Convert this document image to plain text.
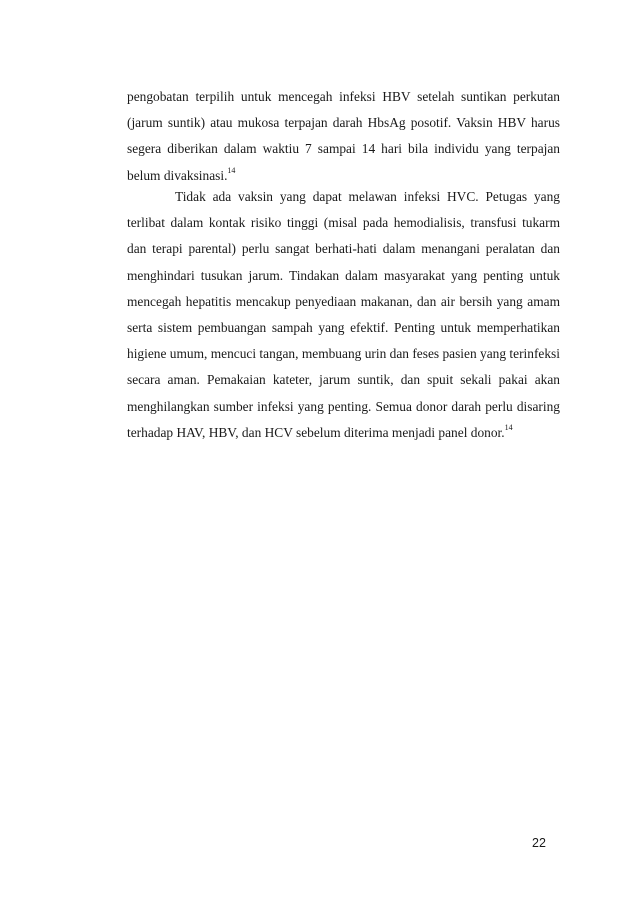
pengobatan terpilih untuk mencegah infeksi HBV setelah suntikan perkutan (jarum suntik) atau mukosa terpajan darah HbsAg posotif. Vaksin HBV harus segera diberikan dalam waktiu 7 sampai 14 hari bila individu yang terpajan belum divaksinasi.$^{14}$

Tidak ada vaksin yang dapat melawan infeksi HVC. Petugas yang terlibat dalam kontak risiko tinggi (misal pada hemodialisis, transfusi tukarm dan terapi parental) perlu sangat berhati-hati dalam menangani peralatan dan menghindari tusukan jarum. Tindakan dalam masyarakat yang penting untuk mencegah hepatitis mencakup penyediaan makanan, dan air bersih yang amam serta sistem pembuangan sampah yang efektif. Penting untuk memperhatikan higiene umum, mencuci tangan, membuang urin dan feses pasien yang terinfeksi secara aman. Pemakaian kateter, jarum suntik, dan spuit sekali pakai akan menghilangkan sumber infeksi yang penting. Semua donor darah perlu disaring terhadap HAV, HBV, dan HCV sebelum diterima menjadi panel donor.$^{14}$

22
